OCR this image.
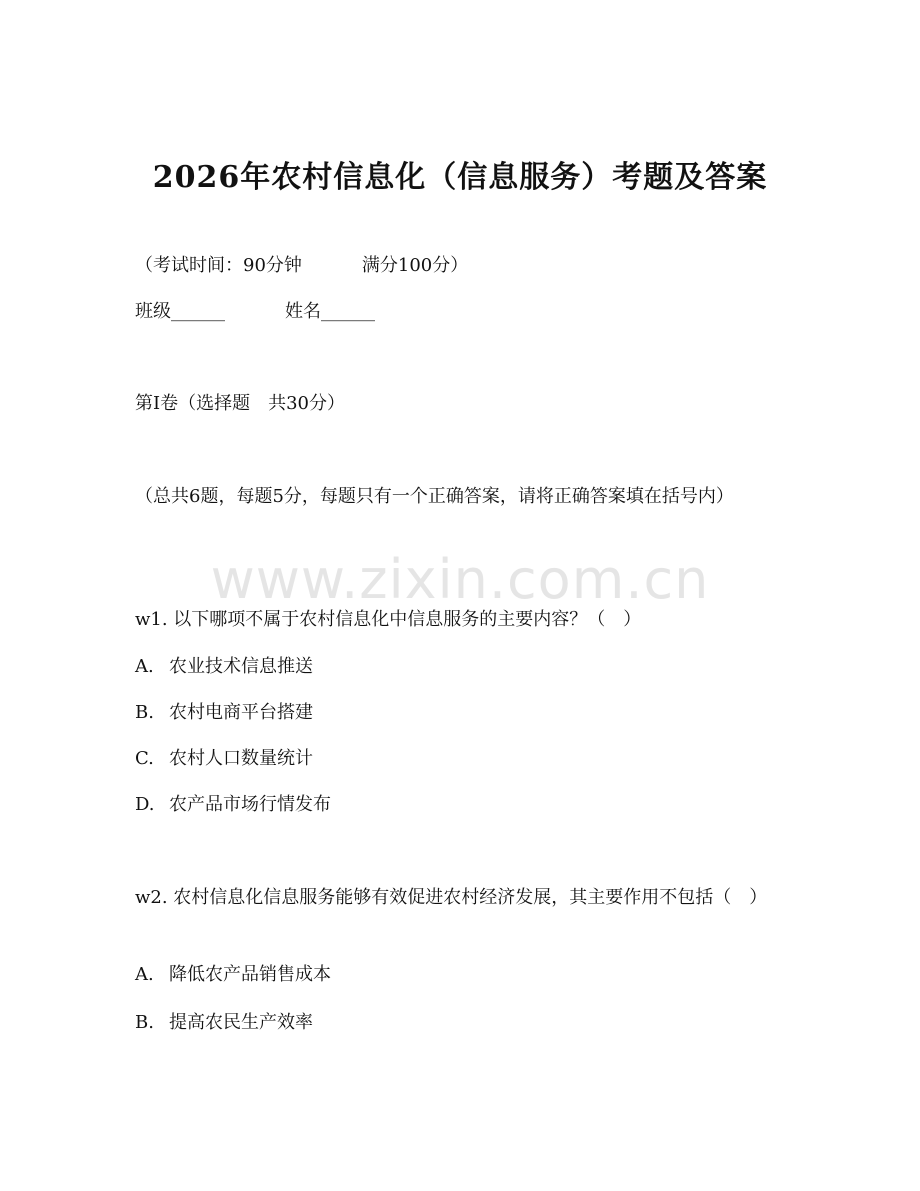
2026年农村信息化（信息服务）考题及答案
（考试时间：90分钟	满分100分）
班级______	姓名______
第I卷（选择题　共30分）
（总共6题，每题5分，每题只有一个正确答案，请将正确答案填在括号内）
www.zixin.com.cn
w1. 以下哪项不属于农村信息化中信息服务的主要内容？（　）
A. 农业技术信息推送
B. 农村电商平台搭建
C. 农村人口数量统计
D. 农产品市场行情发布
w2. 农村信息化信息服务能够有效促进农村经济发展，其主要作用不包括（　）
A. 降低农产品销售成本
B. 提高农民生产效率
